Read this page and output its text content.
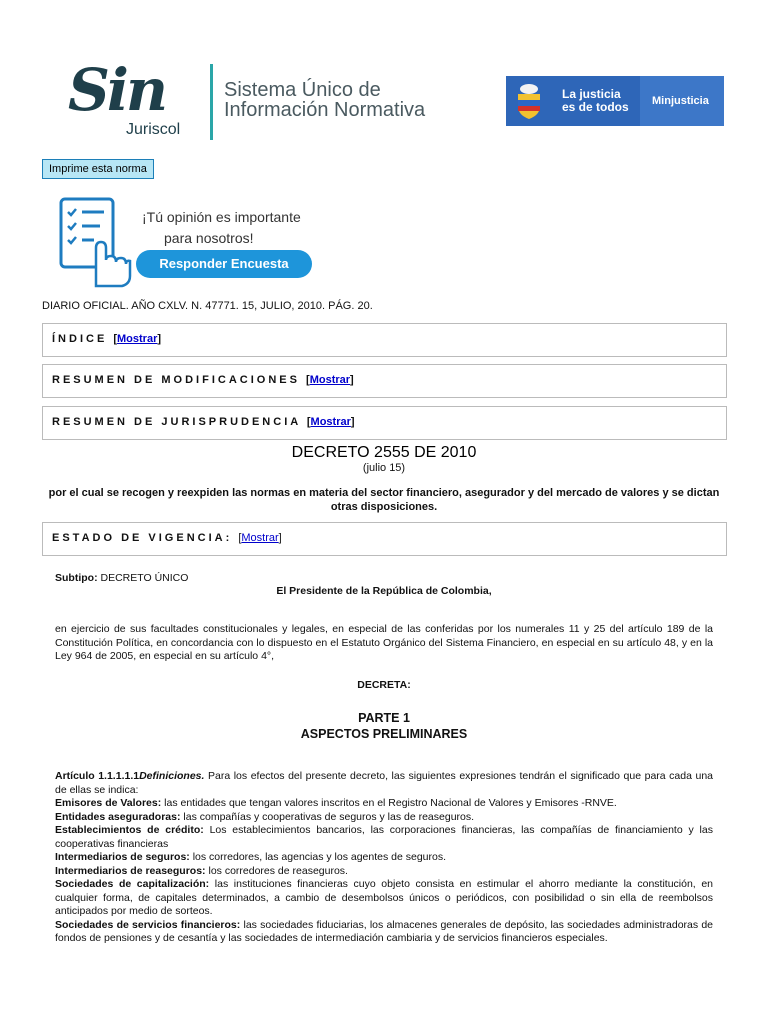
Sin
Juriscol
Sistema Único de
Información Normativa
La justicia
es de todos Minjusticia
Imprime esta norma
¡Tú opinión es importante
para nosotros!
Responder Encuesta
DIARIO OFICIAL. AÑO CXLV. N. 47771. 15, JULIO, 2010. PÁG. 20.
ÍNDICE [Mostrar]
RESUMEN DE MODIFICACIONES [Mostrar]
RESUMEN DE JURISPRUDENCIA [Mostrar]
DECRETO 2555 DE 2010
(julio 15)
por el cual se recogen y reexpiden las normas en materia del sector financiero, asegurador y del mercado de valores y se dictan otras disposiciones.
ESTADO DE VIGENCIA: [Mostrar]
Subtipo: DECRETO ÚNICO
El Presidente de la República de Colombia,
en ejercicio de sus facultades constitucionales y legales, en especial de las conferidas por los numerales 11 y 25 del artículo 189 de la Constitución Política, en concordancia con lo dispuesto en el Estatuto Orgánico del Sistema Financiero, en especial en su artículo 48, y en la Ley 964 de 2005, en especial en su artículo 4°,
DECRETA:
PARTE 1
ASPECTOS PRELIMINARES

Artículo 1.1.1.1.1Definiciones. Para los efectos del presente decreto, las siguientes expresiones tendrán el significado que para cada una de ellas se indica:

Emisores de Valores: las entidades que tengan valores inscritos en el Registro Nacional de Valores y Emisores -RNVE.

Entidades aseguradoras: las compañías y cooperativas de seguros y las de reaseguros.

Establecimientos de crédito: Los establecimientos bancarios, las corporaciones financieras, las compañías de financiamiento y las cooperativas financieras

Intermediarios de seguros: los corredores, las agencias y los agentes de seguros.

Intermediarios de reaseguros: los corredores de reaseguros.

Sociedades de capitalización: las instituciones financieras cuyo objeto consista en estimular el ahorro mediante la constitución, en cualquier forma, de capitales determinados, a cambio de desembolsos únicos o periódicos, con posibilidad o sin ella de reembolsos anticipados por medio de sorteos.

Sociedades de servicios financieros: las sociedades fiduciarias, los almacenes generales de depósito, las sociedades administradoras de fondos de pensiones y de cesantía y las sociedades de intermediación cambiaria y de servicios financieros especiales.
